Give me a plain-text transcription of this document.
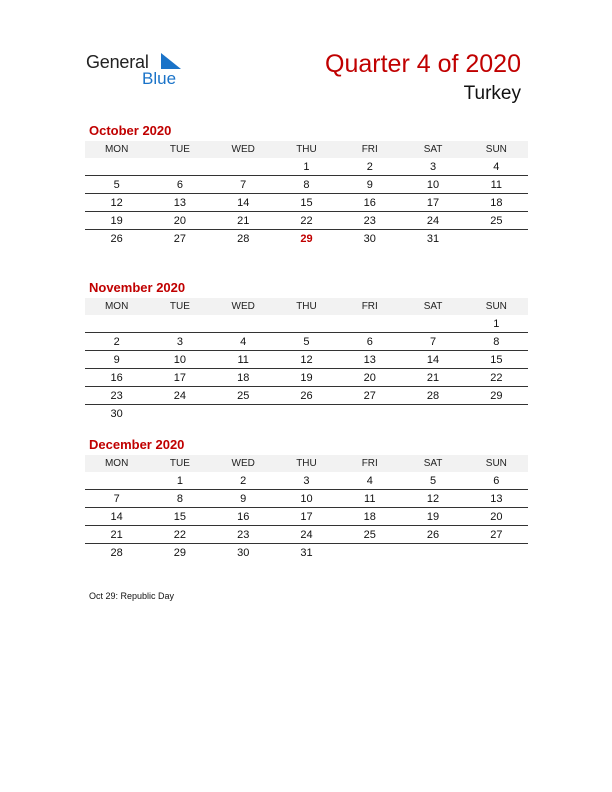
General
Blue
Quarter 4 of 2020
Turkey
October 2020
MON	TUE	WED	THU	FRI	SAT	SUN
			1	2	3	4
5	6	7	8	9	10	11
12	13	14	15	16	17	18
19	20	21	22	23	24	25
26	27	28	29	30	31	
November 2020
MON	TUE	WED	THU	FRI	SAT	SUN
						1
2	3	4	5	6	7	8
9	10	11	12	13	14	15
16	17	18	19	20	21	22
23	24	25	26	27	28	29
30						
December 2020
MON	TUE	WED	THU	FRI	SAT	SUN
	1	2	3	4	5	6
7	8	9	10	11	12	13
14	15	16	17	18	19	20
21	22	23	24	25	26	27
28	29	30	31			
Oct 29: Republic Day
